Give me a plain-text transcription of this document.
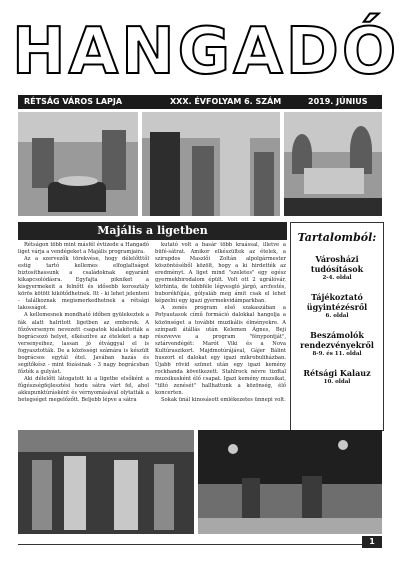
HANGADÓ
RÉTSÁG VÁROS LAPJA	XXX. ÉVFOLYAM 6. SZÁM	2019. JÚNIUS
Majális a ligetben

Rétságon több mint másfél évtizede a Hangadó liget várja a vendégeket a Majális programjaira.

Az a szervezők törekvése, hogy délelőtttől estig tartó kellemes elfoglaltságot biztosíthassunk a családoknak egyaránt kikapcsolódásra. Egyfajta pikniket a kisgyermekeit a felnőtt és idősebb korosztály körös kötött kikötődhetnek. Itt - ki lehet jelenteni - találkoznak megismerkedhetnek a rétsági lakosságot.

A kellemesnek mondható időben gyülekeztek a fák alatt halritott ligetben az emberek. A főzőversenyre nevezett csapatok kialakították a bográcsozó helyet, elkészítve az ételeket a nap versenyeihez, lassan jó étvággyal el is fogyasztották. De a közösségi számára is készült bográcsos egytál étel. Javában hazás és segítőkész - mint fózásinak - 3 nagy bográcsban főzték a gulyást.

Aki délelőtt látogatott ki a ligetbe elsőként a fűgészségfejlesztési hodu sátra várt fel, ahol akkupunktúrásként és vérnyomásával olytatták a betegséget megelőzőtt. Beljebb lépve a sátra

kutató volt a basár több kraással, illetve a büfé-sátrat. Amikor elkészültek az ételek, a szirupdos Maszlői Zoltán alpolgármester köszöntéséből közölt, hogy a ki hirdették az eredményt. A liget mind "szeletes" egy egész gyermekbirodalom épült. Volt ott 2 ugrálóvár, körhinta, de tobbféle légvesgló járgó, arcfestés, buborékfújás, gólyaláb meg ámit csak el lehet képzelni egy igazi gyermekvidámparkban.

A zenés program első szakaszában a Potyautasok című formáció dalokkal hangolja a közönséget a további muzikális élményekre. A színpadi átállás után Kelemen Ágnes, Beji részvevve a program "fénypontját", sztárvendégét: Marót Viki és a Nova Kultúraszikort. Majdmotúrájával, Gájer Bálint huszort el dalokat egy igazi mikrobuliházban. Újabb rövid szünet után egy igazi kemény rockbanda következett. Stahlrock névre tizdtal muzsikusként élő csapat. Igazi kemény muzsikat, "tiltó zenését" hallhattunk a közönség, élő koncerten.

Sokak ünál kinosásott emlékezetes ünnepi volt.

Tartalomból:
Városházi tudósítások
2-4. oldal
Tájékoztató ügyintézésről
6. oldal
Beszámolók rendezvényekről
8-9. és 11. oldal
Rétsági Kalauz
10. oldal
1
